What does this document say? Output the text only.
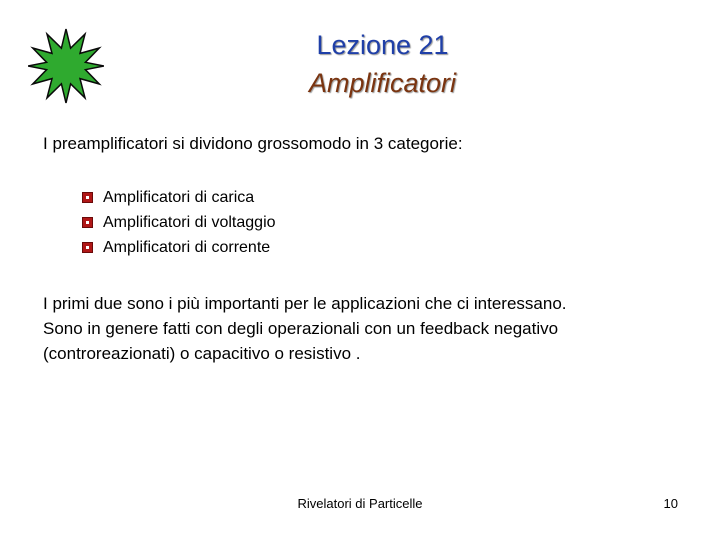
Lezione 21
Amplificatori
I preamplificatori si dividono grossomodo in 3 categorie:
Amplificatori di carica
Amplificatori di voltaggio
Amplificatori di corrente

I primi due sono i più importanti per le applicazioni che ci interessano.
Sono in genere fatti con degli operazionali con un feedback negativo
(controreazionati) o capacitivo o resistivo .

Rivelatori di Particelle	10
